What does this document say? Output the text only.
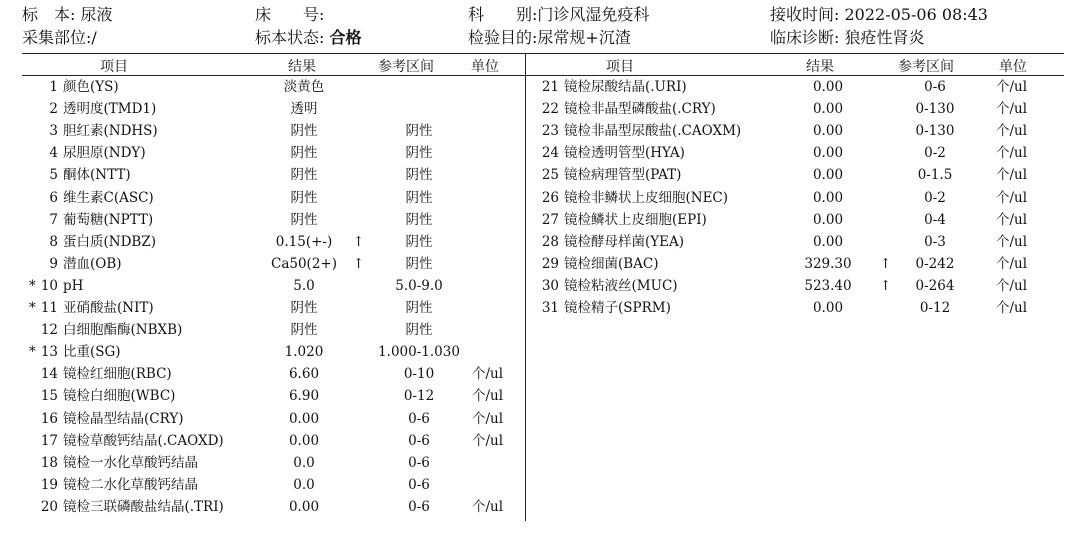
标　本: 尿液	床　　号:	科　　别:门诊风湿免疫科	接收时间: 2022-05-06 08:43
采集部位:/	标本状态: 合格	检验目的:尿常规+沉渣	临床诊断: 狼疮性肾炎
项目	结果	参考区间	单位	项目	结果	参考区间	单位
1 颜色(YS)	淡黄色
2 透明度(TMD1)	透明
3 胆红素(NDHS)	阴性	阴性
4 尿胆原(NDY)	阴性	阴性
5 酮体(NTT)	阴性	阴性
6 维生素C(ASC)	阴性	阴性
7 葡萄糖(NPTT)	阴性	阴性
8 蛋白质(NDBZ)	0.15(+-)	↑	阴性
9 潜血(OB)	Ca50(2+)	↑	阴性
* 10 pH	5.0	5.0-9.0
* 11 亚硝酸盐(NIT)	阴性	阴性
12 白细胞酯酶(NBXB)	阴性	阴性
* 13 比重(SG)	1.020	1.000-1.030
14 镜检红细胞(RBC)	6.60	0-10	个/ul
15 镜检白细胞(WBC)	6.90	0-12	个/ul
16 镜检晶型结晶(CRY)	0.00	0-6	个/ul
17 镜检草酸钙结晶(.CAOXD)	0.00	0-6	个/ul
18 镜检一水化草酸钙结晶	0.0	0-6
19 镜检二水化草酸钙结晶	0.0	0-6
20 镜检三联磷酸盐结晶(.TRI)	0.00	0-6	个/ul
21 镜检尿酸结晶(.URI)	0.00	0-6	个/ul
22 镜检非晶型磷酸盐(.CRY)	0.00	0-130	个/ul
23 镜检非晶型尿酸盐(.CAOXM)	0.00	0-130	个/ul
24 镜检透明管型(HYA)	0.00	0-2	个/ul
25 镜检病理管型(PAT)	0.00	0-1.5	个/ul
26 镜检非鳞状上皮细胞(NEC)	0.00	0-2	个/ul
27 镜检鳞状上皮细胞(EPI)	0.00	0-4	个/ul
28 镜检酵母样菌(YEA)	0.00	0-3	个/ul
29 镜检细菌(BAC)	329.30	↑	0-242	个/ul
30 镜检粘液丝(MUC)	523.40	↑	0-264	个/ul
31 镜检精子(SPRM)	0.00	0-12	个/ul
